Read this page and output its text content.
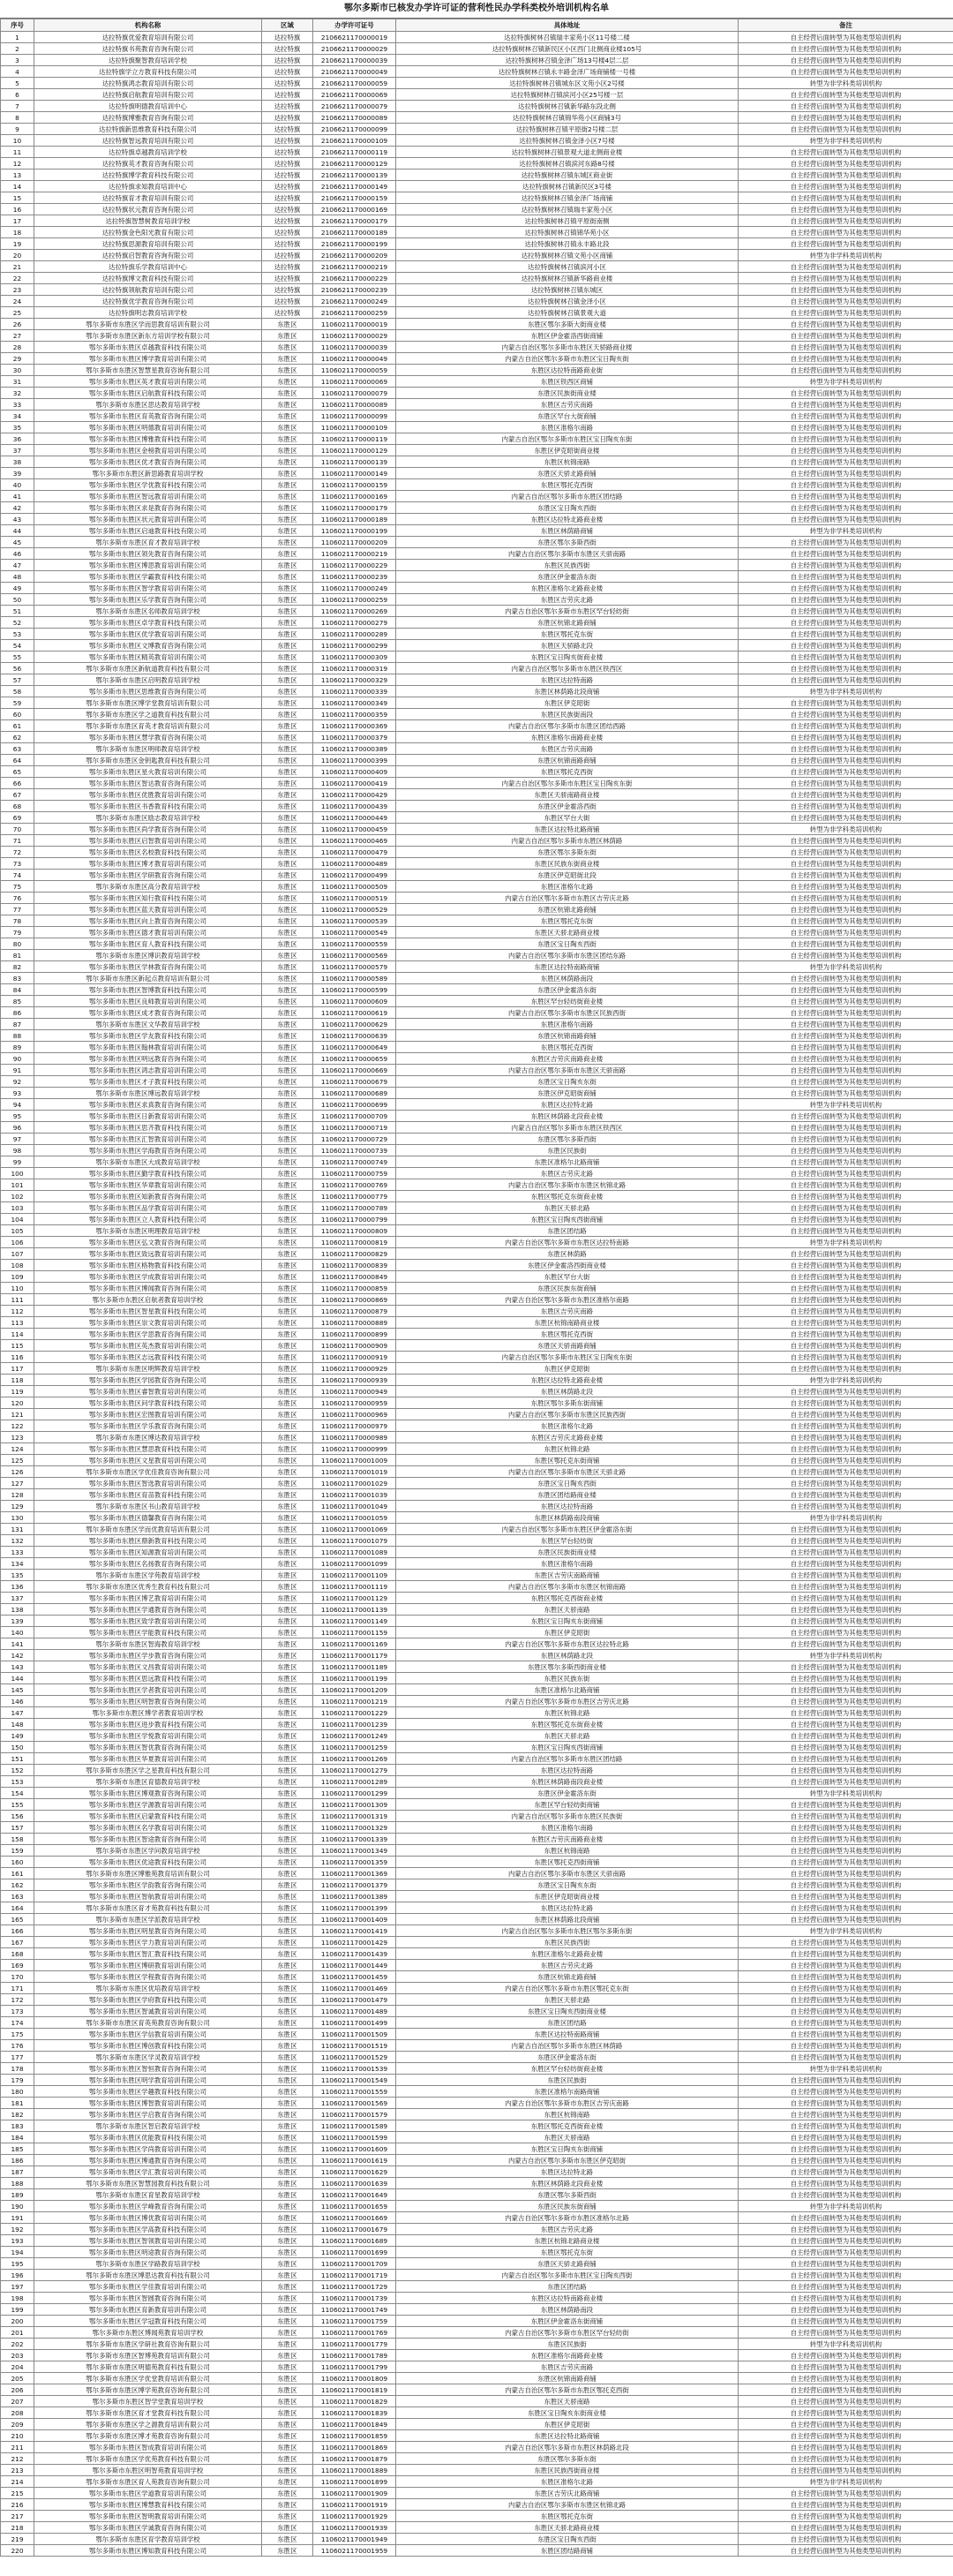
鄂尔多斯市已核发办学许可证的营利性民办学科类校外培训机构名单
序号	机构名称	区域	办学许可证号	具体地址	备注
1	达拉特旗优爱教育培训有限公司	达拉特旗	2106621170000019	达拉特旗树林召镇瑞丰家苑小区11号楼二楼	自主经营后面转型为其他类型培训机构
2	达拉特旗书苑教育咨询有限公司	达拉特旗	2106621170000029	达拉特旗树林召镇新民区小区西门北侧商业楼105号	自主经营后面转型为其他类型培训机构
3	达拉特旗聚智教育培训学校	达拉特旗	2106621170000039	达拉特旗树林召镇金泽广场13号楼4层二层	自主经营后面转型为其他类型培训机构
4	达拉特旗学立方教育科技有限公司	达拉特旗	2106621170000049	达拉特旗树林召镇永丰路金泽广场商铺楼一号楼	自主经营后面转型为其他类型培训机构
5	达拉特旗鸿志教育培训有限公司	达拉特旗	2106621170000059	达拉特旗树林召镇城东区文苑小区2号楼	转型为非学科类培训机构
6	达拉特旗启航教育培训有限公司	达拉特旗	2106621170000069	达拉特旗树林召镇滨河小区25号楼一层	自主经营后面转型为其他类型培训机构
7	达拉特旗明德教育培训中心	达拉特旗	2106621170000079	达拉特旗树林召镇新华路东段北侧	自主经营后面转型为其他类型培训机构
8	达拉特旗博雅教育咨询有限公司	达拉特旗	2106621170000089	达拉特旗树林召镇锦华苑小区商铺3号	自主经营后面转型为其他类型培训机构
9	达拉特旗新思维教育科技有限公司	达拉特旗	2106621170000099	达拉特旗树林召镇平原街2号楼二层	自主经营后面转型为其他类型培训机构
10	达拉特旗智远教育培训有限公司	达拉特旗	2106621170000109	达拉特旗树林召镇金泽小区7号楼	转型为非学科类培训机构
11	达拉特旗卓越教育培训学校	达拉特旗	2106621170000119	达拉特旗树林召镇景观大道北侧商业楼	自主经营后面转型为其他类型培训机构
12	达拉特旗英才教育咨询有限公司	达拉特旗	2106621170000129	达拉特旗树林召镇滨河东路8号楼	自主经营后面转型为其他类型培训机构
13	达拉特旗博学教育科技有限公司	达拉特旗	2106621170000139	达拉特旗树林召镇东城区商业街	自主经营后面转型为其他类型培训机构
14	达拉特旗求知教育培训中心	达拉特旗	2106621170000149	达拉特旗树林召镇新民区3号楼	自主经营后面转型为其他类型培训机构
15	达拉特旗育才教育培训有限公司	达拉特旗	2106621170000159	达拉特旗树林召镇金泽广场商铺	自主经营后面转型为其他类型培训机构
16	达拉特旗状元教育咨询有限公司	达拉特旗	2106621170000169	达拉特旗树林召镇瑞丰家苑小区	自主经营后面转型为其他类型培训机构
17	达拉特旗智慧树教育培训学校	达拉特旗	2106621170000179	达拉特旗树林召镇平原街南侧	自主经营后面转型为其他类型培训机构
18	达拉特旗金色阳光教育有限公司	达拉特旗	2106621170000189	达拉特旗树林召镇锦华苑小区	自主经营后面转型为其他类型培训机构
19	达拉特旗思源教育培训有限公司	达拉特旗	2106621170000199	达拉特旗树林召镇永丰路北段	自主经营后面转型为其他类型培训机构
20	达拉特旗启智教育咨询有限公司	达拉特旗	2106621170000209	达拉特旗树林召镇文苑小区商铺	转型为非学科类培训机构
21	达拉特旗乐学教育培训中心	达拉特旗	2106621170000219	达拉特旗树林召镇滨河小区	自主经营后面转型为其他类型培训机构
22	达拉特旗博文教育科技有限公司	达拉特旗	2106621170000229	达拉特旗树林召镇新华路商业楼	自主经营后面转型为其他类型培训机构
23	达拉特旗领航教育培训有限公司	达拉特旗	2106621170000239	达拉特旗树林召镇东城区	自主经营后面转型为其他类型培训机构
24	达拉特旗优学教育咨询有限公司	达拉特旗	2106621170000249	达拉特旗树林召镇金泽小区	自主经营后面转型为其他类型培训机构
25	达拉特旗明志教育培训学校	达拉特旗	2106621170000259	达拉特旗树林召镇景观大道	自主经营后面转型为其他类型培训机构
26	鄂尔多斯市东胜区学而思教育培训有限公司	东胜区	1106021170000019	东胜区鄂尔多斯大街商业楼	自主经营后面转型为其他类型培训机构
27	鄂尔多斯市东胜区新东方培训学校有限公司	东胜区	1106021170000029	东胜区伊金霍洛西街商铺	自主经营后面转型为其他类型培训机构
28	鄂尔多斯市东胜区卓越教育科技有限公司	东胜区	1106021170000039	内蒙古自治区鄂尔多斯市东胜区天骄路商业楼	自主经营后面转型为其他类型培训机构
29	鄂尔多斯市东胜区博学教育培训有限公司	东胜区	1106021170000049	内蒙古自治区鄂尔多斯市东胜区宝日陶亥街	自主经营后面转型为其他类型培训机构
30	鄂尔多斯市东胜区智慧星教育咨询有限公司	东胜区	1106021170000059	东胜区达拉特南路商业街	自主经营后面转型为其他类型培训机构
31	鄂尔多斯市东胜区英才教育培训有限公司	东胜区	1106021170000069	东胜区铁西区商铺	转型为非学科类培训机构
32	鄂尔多斯市东胜区启航教育科技有限公司	东胜区	1106021170000079	东胜区民族街商业楼	自主经营后面转型为其他类型培训机构
33	鄂尔多斯市东胜区思达教育培训学校	东胜区	1106021170000089	东胜区吉劳庆南路	自主经营后面转型为其他类型培训机构
34	鄂尔多斯市东胜区育英教育咨询有限公司	东胜区	1106021170000099	东胜区罕台大街商铺	自主经营后面转型为其他类型培训机构
35	鄂尔多斯市东胜区明德教育培训有限公司	东胜区	1106021170000109	东胜区准格尔南路	自主经营后面转型为其他类型培训机构
36	鄂尔多斯市东胜区博雅教育科技有限公司	东胜区	1106021170000119	内蒙古自治区鄂尔多斯市东胜区宝日陶亥东街	自主经营后面转型为其他类型培训机构
37	鄂尔多斯市东胜区金榜教育培训有限公司	东胜区	1106021170000129	东胜区伊克昭街商业楼	自主经营后面转型为其他类型培训机构
38	鄂尔多斯市东胜区优才教育咨询有限公司	东胜区	1106021170000139	东胜区杭锦南路	自主经营后面转型为其他类型培训机构
39	鄂尔多斯市东胜区新思路教育培训学校	东胜区	1106021170000149	东胜区天骄北路商铺	自主经营后面转型为其他类型培训机构
40	鄂尔多斯市东胜区学优教育科技有限公司	东胜区	1106021170000159	东胜区鄂托克西街	自主经营后面转型为其他类型培训机构
41	鄂尔多斯市东胜区智远教育培训有限公司	东胜区	1106021170000169	内蒙古自治区鄂尔多斯市东胜区团结路	自主经营后面转型为其他类型培训机构
42	鄂尔多斯市东胜区求是教育咨询有限公司	东胜区	1106021170000179	东胜区宝日陶亥西街	自主经营后面转型为其他类型培训机构
43	鄂尔多斯市东胜区状元教育培训有限公司	东胜区	1106021170000189	东胜区达拉特北路商业楼	自主经营后面转型为其他类型培训机构
44	鄂尔多斯市东胜区启迪教育科技有限公司	东胜区	1106021170000199	东胜区林荫路商铺	转型为非学科类培训机构
45	鄂尔多斯市东胜区育才教育培训学校	东胜区	1106021170000209	东胜区鄂尔多斯西街	自主经营后面转型为其他类型培训机构
46	鄂尔多斯市东胜区领先教育咨询有限公司	东胜区	1106021170000219	内蒙古自治区鄂尔多斯市东胜区天骄南路	自主经营后面转型为其他类型培训机构
47	鄂尔多斯市东胜区博思教育培训有限公司	东胜区	1106021170000229	东胜区民族西街	自主经营后面转型为其他类型培训机构
48	鄂尔多斯市东胜区学霸教育科技有限公司	东胜区	1106021170000239	东胜区伊金霍洛东街	自主经营后面转型为其他类型培训机构
49	鄂尔多斯市东胜区智学教育培训有限公司	东胜区	1106021170000249	东胜区准格尔北路商业楼	自主经营后面转型为其他类型培训机构
50	鄂尔多斯市东胜区乐学教育咨询有限公司	东胜区	1106021170000259	东胜区吉劳庆北路	自主经营后面转型为其他类型培训机构
51	鄂尔多斯市东胜区名师教育培训学校	东胜区	1106021170000269	内蒙古自治区鄂尔多斯市东胜区罕台轻纺街	自主经营后面转型为其他类型培训机构
52	鄂尔多斯市东胜区卓学教育科技有限公司	东胜区	1106021170000279	东胜区杭锦北路商铺	自主经营后面转型为其他类型培训机构
53	鄂尔多斯市东胜区优学教育培训有限公司	东胜区	1106021170000289	东胜区鄂托克东街	自主经营后面转型为其他类型培训机构
54	鄂尔多斯市东胜区文博教育咨询有限公司	东胜区	1106021170000299	东胜区天骄路北段	自主经营后面转型为其他类型培训机构
55	鄂尔多斯市东胜区精英教育培训有限公司	东胜区	1106021170000309	东胜区宝日陶亥街商业楼	自主经营后面转型为其他类型培训机构
56	鄂尔多斯市东胜区新航道教育科技有限公司	东胜区	1106021170000319	内蒙古自治区鄂尔多斯市东胜区铁西区	自主经营后面转型为其他类型培训机构
57	鄂尔多斯市东胜区启明教育培训学校	东胜区	1106021170000329	东胜区达拉特南路	自主经营后面转型为其他类型培训机构
58	鄂尔多斯市东胜区思维教育咨询有限公司	东胜区	1106021170000339	东胜区林荫路北段商铺	转型为非学科类培训机构
59	鄂尔多斯市东胜区博学堂教育培训有限公司	东胜区	1106021170000349	东胜区伊克昭街	自主经营后面转型为其他类型培训机构
60	鄂尔多斯市东胜区学之道教育科技有限公司	东胜区	1106021170000359	东胜区民族街南段	自主经营后面转型为其他类型培训机构
61	鄂尔多斯市东胜区育英才教育培训有限公司	东胜区	1106021170000369	内蒙古自治区鄂尔多斯市东胜区团结西路	自主经营后面转型为其他类型培训机构
62	鄂尔多斯市东胜区慧学教育咨询有限公司	东胜区	1106021170000379	东胜区准格尔南路商业楼	自主经营后面转型为其他类型培训机构
63	鄂尔多斯市东胜区明师教育培训学校	东胜区	1106021170000389	东胜区吉劳庆南路	自主经营后面转型为其他类型培训机构
64	鄂尔多斯市东胜区金钥匙教育科技有限公司	东胜区	1106021170000399	东胜区杭锦南路商铺	自主经营后面转型为其他类型培训机构
65	鄂尔多斯市东胜区星火教育培训有限公司	东胜区	1106021170000409	东胜区鄂托克西街	自主经营后面转型为其他类型培训机构
66	鄂尔多斯市东胜区智达教育咨询有限公司	东胜区	1106021170000419	内蒙古自治区鄂尔多斯市东胜区宝日陶亥东街	自主经营后面转型为其他类型培训机构
67	鄂尔多斯市东胜区优胜教育培训有限公司	东胜区	1106021170000429	东胜区天骄南路商业楼	自主经营后面转型为其他类型培训机构
68	鄂尔多斯市东胜区书香教育科技有限公司	东胜区	1106021170000439	东胜区伊金霍洛西街	自主经营后面转型为其他类型培训机构
69	鄂尔多斯市东胜区励志教育培训学校	东胜区	1106021170000449	东胜区罕台大街	自主经营后面转型为其他类型培训机构
70	鄂尔多斯市东胜区尚学教育咨询有限公司	东胜区	1106021170000459	东胜区达拉特北路商铺	转型为非学科类培训机构
71	鄂尔多斯市东胜区启智教育培训有限公司	东胜区	1106021170000469	内蒙古自治区鄂尔多斯市东胜区林荫路	自主经营后面转型为其他类型培训机构
72	鄂尔多斯市东胜区名校教育科技有限公司	东胜区	1106021170000479	东胜区鄂尔多斯东街	自主经营后面转型为其他类型培训机构
73	鄂尔多斯市东胜区博才教育培训有限公司	东胜区	1106021170000489	东胜区民族东街商业楼	自主经营后面转型为其他类型培训机构
74	鄂尔多斯市东胜区学研教育咨询有限公司	东胜区	1106021170000499	东胜区伊克昭街北段	自主经营后面转型为其他类型培训机构
75	鄂尔多斯市东胜区高分教育培训学校	东胜区	1106021170000509	东胜区准格尔北路	自主经营后面转型为其他类型培训机构
76	鄂尔多斯市东胜区知行教育科技有限公司	东胜区	1106021170000519	内蒙古自治区鄂尔多斯市东胜区吉劳庆北路	自主经营后面转型为其他类型培训机构
77	鄂尔多斯市东胜区蓝天教育培训有限公司	东胜区	1106021170000529	东胜区杭锦北路商铺	自主经营后面转型为其他类型培训机构
78	鄂尔多斯市东胜区向上教育咨询有限公司	东胜区	1106021170000539	东胜区鄂托克东街	自主经营后面转型为其他类型培训机构
79	鄂尔多斯市东胜区德才教育培训有限公司	东胜区	1106021170000549	东胜区天骄北路商业楼	自主经营后面转型为其他类型培训机构
80	鄂尔多斯市东胜区育人教育科技有限公司	东胜区	1106021170000559	东胜区宝日陶亥西街	自主经营后面转型为其他类型培训机构
81	鄂尔多斯市东胜区博识教育培训学校	东胜区	1106021170000569	内蒙古自治区鄂尔多斯市东胜区团结东路	自主经营后面转型为其他类型培训机构
82	鄂尔多斯市东胜区学林教育咨询有限公司	东胜区	1106021170000579	东胜区达拉特南路商铺	转型为非学科类培训机构
83	鄂尔多斯市东胜区新起点教育培训有限公司	东胜区	1106021170000589	东胜区林荫路南段	自主经营后面转型为其他类型培训机构
84	鄂尔多斯市东胜区智博教育科技有限公司	东胜区	1106021170000599	东胜区伊金霍洛东街	自主经营后面转型为其他类型培训机构
85	鄂尔多斯市东胜区良师教育培训有限公司	东胜区	1106021170000609	东胜区罕台轻纺街商业楼	自主经营后面转型为其他类型培训机构
86	鄂尔多斯市东胜区成才教育咨询有限公司	东胜区	1106021170000619	内蒙古自治区鄂尔多斯市东胜区民族西街	自主经营后面转型为其他类型培训机构
87	鄂尔多斯市东胜区文华教育培训学校	东胜区	1106021170000629	东胜区准格尔南路	自主经营后面转型为其他类型培训机构
88	鄂尔多斯市东胜区学友教育科技有限公司	东胜区	1106021170000639	东胜区杭锦南路商铺	自主经营后面转型为其他类型培训机构
89	鄂尔多斯市东胜区翰林教育培训有限公司	东胜区	1106021170000649	东胜区鄂托克西街	自主经营后面转型为其他类型培训机构
90	鄂尔多斯市东胜区明远教育咨询有限公司	东胜区	1106021170000659	东胜区吉劳庆南路商业楼	自主经营后面转型为其他类型培训机构
91	鄂尔多斯市东胜区鸿志教育培训有限公司	东胜区	1106021170000669	内蒙古自治区鄂尔多斯市东胜区天骄南路	自主经营后面转型为其他类型培训机构
92	鄂尔多斯市东胜区才子教育科技有限公司	东胜区	1106021170000679	东胜区宝日陶亥东街	自主经营后面转型为其他类型培训机构
93	鄂尔多斯市东胜区博远教育培训学校	东胜区	1106021170000689	东胜区伊克昭街商铺	自主经营后面转型为其他类型培训机构
94	鄂尔多斯市东胜区求真教育咨询有限公司	东胜区	1106021170000699	东胜区达拉特北路	转型为非学科类培训机构
95	鄂尔多斯市东胜区日新教育培训有限公司	东胜区	1106021170000709	东胜区林荫路北段商业楼	自主经营后面转型为其他类型培训机构
96	鄂尔多斯市东胜区思齐教育科技有限公司	东胜区	1106021170000719	内蒙古自治区鄂尔多斯市东胜区铁西区	自主经营后面转型为其他类型培训机构
97	鄂尔多斯市东胜区汇智教育培训有限公司	东胜区	1106021170000729	东胜区鄂尔多斯西街	自主经营后面转型为其他类型培训机构
98	鄂尔多斯市东胜区学海教育咨询有限公司	东胜区	1106021170000739	东胜区民族街	自主经营后面转型为其他类型培训机构
99	鄂尔多斯市东胜区大成教育培训学校	东胜区	1106021170000749	东胜区准格尔北路商铺	自主经营后面转型为其他类型培训机构
100	鄂尔多斯市东胜区勤学教育科技有限公司	东胜区	1106021170000759	东胜区吉劳庆北路	自主经营后面转型为其他类型培训机构
101	鄂尔多斯市东胜区华章教育培训有限公司	东胜区	1106021170000769	内蒙古自治区鄂尔多斯市东胜区杭锦北路	自主经营后面转型为其他类型培训机构
102	鄂尔多斯市东胜区知新教育咨询有限公司	东胜区	1106021170000779	东胜区鄂托克东街商业楼	自主经营后面转型为其他类型培训机构
103	鄂尔多斯市东胜区品学教育培训有限公司	东胜区	1106021170000789	东胜区天骄北路	自主经营后面转型为其他类型培训机构
104	鄂尔多斯市东胜区立人教育科技有限公司	东胜区	1106021170000799	东胜区宝日陶亥西街商铺	自主经营后面转型为其他类型培训机构
105	鄂尔多斯市东胜区明理教育培训学校	东胜区	1106021170000809	东胜区团结路	自主经营后面转型为其他类型培训机构
106	鄂尔多斯市东胜区弘文教育咨询有限公司	东胜区	1106021170000819	内蒙古自治区鄂尔多斯市东胜区达拉特南路	转型为非学科类培训机构
107	鄂尔多斯市东胜区致远教育培训有限公司	东胜区	1106021170000829	东胜区林荫路	自主经营后面转型为其他类型培训机构
108	鄂尔多斯市东胜区格物教育科技有限公司	东胜区	1106021170000839	东胜区伊金霍洛西街商业楼	自主经营后面转型为其他类型培训机构
109	鄂尔多斯市东胜区学成教育培训有限公司	东胜区	1106021170000849	东胜区罕台大街	自主经营后面转型为其他类型培训机构
110	鄂尔多斯市东胜区博闻教育咨询有限公司	东胜区	1106021170000859	东胜区民族东街商铺	自主经营后面转型为其他类型培训机构
111	鄂尔多斯市东胜区启航者教育培训学校	东胜区	1106021170000869	内蒙古自治区鄂尔多斯市东胜区准格尔南路	自主经营后面转型为其他类型培训机构
112	鄂尔多斯市东胜区智星教育科技有限公司	东胜区	1106021170000879	东胜区吉劳庆南路	自主经营后面转型为其他类型培训机构
113	鄂尔多斯市东胜区崇文教育培训有限公司	东胜区	1106021170000889	东胜区杭锦南路商业楼	自主经营后面转型为其他类型培训机构
114	鄂尔多斯市东胜区学思教育咨询有限公司	东胜区	1106021170000899	东胜区鄂托克西街	自主经营后面转型为其他类型培训机构
115	鄂尔多斯市东胜区英杰教育培训有限公司	东胜区	1106021170000909	东胜区天骄南路商铺	自主经营后面转型为其他类型培训机构
116	鄂尔多斯市东胜区志远教育科技有限公司	东胜区	1106021170000919	内蒙古自治区鄂尔多斯市东胜区宝日陶亥东街	自主经营后面转型为其他类型培训机构
117	鄂尔多斯市东胜区明辉教育培训学校	东胜区	1106021170000929	东胜区伊克昭街	自主经营后面转型为其他类型培训机构
118	鄂尔多斯市东胜区学园教育咨询有限公司	东胜区	1106021170000939	东胜区达拉特北路商业楼	转型为非学科类培训机构
119	鄂尔多斯市东胜区睿智教育培训有限公司	东胜区	1106021170000949	东胜区林荫路北段	自主经营后面转型为其他类型培训机构
120	鄂尔多斯市东胜区问学教育科技有限公司	东胜区	1106021170000959	东胜区鄂尔多斯东街商铺	自主经营后面转型为其他类型培训机构
121	鄂尔多斯市东胜区宏图教育培训有限公司	东胜区	1106021170000969	内蒙古自治区鄂尔多斯市东胜区民族西街	自主经营后面转型为其他类型培训机构
122	鄂尔多斯市东胜区学乐教育咨询有限公司	东胜区	1106021170000979	东胜区准格尔北路	自主经营后面转型为其他类型培训机构
123	鄂尔多斯市东胜区博达教育培训学校	东胜区	1106021170000989	东胜区吉劳庆北路商业楼	自主经营后面转型为其他类型培训机构
124	鄂尔多斯市东胜区慧思教育科技有限公司	东胜区	1106021170000999	东胜区杭锦北路	自主经营后面转型为其他类型培训机构
125	鄂尔多斯市东胜区文星教育培训有限公司	东胜区	1106021170001009	东胜区鄂托克东街商铺	自主经营后面转型为其他类型培训机构
126	鄂尔多斯市东胜区学优佳教育咨询有限公司	东胜区	1106021170001019	内蒙古自治区鄂尔多斯市东胜区天骄北路	自主经营后面转型为其他类型培训机构
127	鄂尔多斯市东胜区智选教育培训有限公司	东胜区	1106021170001029	东胜区宝日陶亥西街	自主经营后面转型为其他类型培训机构
128	鄂尔多斯市东胜区育苗教育科技有限公司	东胜区	1106021170001039	东胜区团结路商业楼	自主经营后面转型为其他类型培训机构
129	鄂尔多斯市东胜区书山教育培训学校	东胜区	1106021170001049	东胜区达拉特南路	自主经营后面转型为其他类型培训机构
130	鄂尔多斯市东胜区德馨教育咨询有限公司	东胜区	1106021170001059	东胜区林荫路南段商铺	转型为非学科类培训机构
131	鄂尔多斯市东胜区学而优教育培训有限公司	东胜区	1106021170001069	内蒙古自治区鄂尔多斯市东胜区伊金霍洛东街	自主经营后面转型为其他类型培训机构
132	鄂尔多斯市东胜区鼎新教育科技有限公司	东胜区	1106021170001079	东胜区罕台轻纺街	自主经营后面转型为其他类型培训机构
133	鄂尔多斯市东胜区知源教育培训有限公司	东胜区	1106021170001089	东胜区民族街商业楼	自主经营后面转型为其他类型培训机构
134	鄂尔多斯市东胜区名扬教育咨询有限公司	东胜区	1106021170001099	东胜区准格尔南路	自主经营后面转型为其他类型培训机构
135	鄂尔多斯市东胜区学苑教育培训学校	东胜区	1106021170001109	东胜区吉劳庆南路商铺	自主经营后面转型为其他类型培训机构
136	鄂尔多斯市东胜区优秀生教育科技有限公司	东胜区	1106021170001119	内蒙古自治区鄂尔多斯市东胜区杭锦南路	自主经营后面转型为其他类型培训机构
137	鄂尔多斯市东胜区博艺教育培训有限公司	东胜区	1106021170001129	东胜区鄂托克西街商业楼	自主经营后面转型为其他类型培训机构
138	鄂尔多斯市东胜区学通教育咨询有限公司	东胜区	1106021170001139	东胜区天骄南路	自主经营后面转型为其他类型培训机构
139	鄂尔多斯市东胜区致学教育培训有限公司	东胜区	1106021170001149	东胜区宝日陶亥东街商铺	自主经营后面转型为其他类型培训机构
140	鄂尔多斯市东胜区学能教育科技有限公司	东胜区	1106021170001159	东胜区伊克昭街	自主经营后面转型为其他类型培训机构
141	鄂尔多斯市东胜区智海教育培训学校	东胜区	1106021170001169	内蒙古自治区鄂尔多斯市东胜区达拉特北路	自主经营后面转型为其他类型培训机构
142	鄂尔多斯市东胜区学步教育咨询有限公司	东胜区	1106021170001179	东胜区林荫路北段	转型为非学科类培训机构
143	鄂尔多斯市东胜区文昌教育培训有限公司	东胜区	1106021170001189	东胜区鄂尔多斯西街商业楼	自主经营后面转型为其他类型培训机构
144	鄂尔多斯市东胜区思远教育科技有限公司	东胜区	1106021170001199	东胜区民族东街	自主经营后面转型为其他类型培训机构
145	鄂尔多斯市东胜区学者教育培训有限公司	东胜区	1106021170001209	东胜区准格尔北路商铺	自主经营后面转型为其他类型培训机构
146	鄂尔多斯市东胜区明智教育咨询有限公司	东胜区	1106021170001219	内蒙古自治区鄂尔多斯市东胜区吉劳庆北路	自主经营后面转型为其他类型培训机构
147	鄂尔多斯市东胜区博学者教育培训学校	东胜区	1106021170001229	东胜区杭锦北路	自主经营后面转型为其他类型培训机构
148	鄂尔多斯市东胜区进步教育科技有限公司	东胜区	1106021170001239	东胜区鄂托克东街商业楼	自主经营后面转型为其他类型培训机构
149	鄂尔多斯市东胜区学悦教育培训有限公司	东胜区	1106021170001249	东胜区天骄北路	自主经营后面转型为其他类型培训机构
150	鄂尔多斯市东胜区智优教育咨询有限公司	东胜区	1106021170001259	东胜区宝日陶亥西街商铺	自主经营后面转型为其他类型培训机构
151	鄂尔多斯市东胜区华夏教育培训有限公司	东胜区	1106021170001269	内蒙古自治区鄂尔多斯市东胜区团结路	自主经营后面转型为其他类型培训机构
152	鄂尔多斯市东胜区学之星教育科技有限公司	东胜区	1106021170001279	东胜区达拉特南路	自主经营后面转型为其他类型培训机构
153	鄂尔多斯市东胜区育德教育培训学校	东胜区	1106021170001289	东胜区林荫路南段商业楼	自主经营后面转型为其他类型培训机构
154	鄂尔多斯市东胜区博观教育咨询有限公司	东胜区	1106021170001299	东胜区伊金霍洛东街	转型为非学科类培训机构
155	鄂尔多斯市东胜区学源教育培训有限公司	东胜区	1106021170001309	东胜区罕台轻纺街商铺	自主经营后面转型为其他类型培训机构
156	鄂尔多斯市东胜区启蒙教育科技有限公司	东胜区	1106021170001319	内蒙古自治区鄂尔多斯市东胜区民族街	自主经营后面转型为其他类型培训机构
157	鄂尔多斯市东胜区名学教育培训有限公司	东胜区	1106021170001329	东胜区准格尔南路	自主经营后面转型为其他类型培训机构
158	鄂尔多斯市东胜区智途教育咨询有限公司	东胜区	1106021170001339	东胜区吉劳庆南路商业楼	自主经营后面转型为其他类型培训机构
159	鄂尔多斯市东胜区学问教育培训学校	东胜区	1106021170001349	东胜区杭锦南路	自主经营后面转型为其他类型培训机构
160	鄂尔多斯市东胜区优途教育科技有限公司	东胜区	1106021170001359	东胜区鄂托克西街商铺	自主经营后面转型为其他类型培训机构
161	鄂尔多斯市东胜区博雅苑教育培训有限公司	东胜区	1106021170001369	内蒙古自治区鄂尔多斯市东胜区天骄南路	自主经营后面转型为其他类型培训机构
162	鄂尔多斯市东胜区学韵教育咨询有限公司	东胜区	1106021170001379	东胜区宝日陶亥东街	自主经营后面转型为其他类型培训机构
163	鄂尔多斯市东胜区智航教育培训有限公司	东胜区	1106021170001389	东胜区伊克昭街商业楼	自主经营后面转型为其他类型培训机构
164	鄂尔多斯市东胜区育才苑教育科技有限公司	东胜区	1106021170001399	东胜区达拉特北路	自主经营后面转型为其他类型培训机构
165	鄂尔多斯市东胜区学派教育培训学校	东胜区	1106021170001409	东胜区林荫路北段商铺	自主经营后面转型为其他类型培训机构
166	鄂尔多斯市东胜区明星教育咨询有限公司	东胜区	1106021170001419	内蒙古自治区鄂尔多斯市东胜区鄂尔多斯东街	转型为非学科类培训机构
167	鄂尔多斯市东胜区学力教育培训有限公司	东胜区	1106021170001429	东胜区民族西街	自主经营后面转型为其他类型培训机构
168	鄂尔多斯市东胜区智汇教育科技有限公司	东胜区	1106021170001439	东胜区准格尔北路商业楼	自主经营后面转型为其他类型培训机构
169	鄂尔多斯市东胜区博研教育培训有限公司	东胜区	1106021170001449	东胜区吉劳庆北路	自主经营后面转型为其他类型培训机构
170	鄂尔多斯市东胜区学程教育咨询有限公司	东胜区	1106021170001459	东胜区杭锦北路商铺	自主经营后面转型为其他类型培训机构
171	鄂尔多斯市东胜区优培教育培训学校	东胜区	1106021170001469	内蒙古自治区鄂尔多斯市东胜区鄂托克东街	自主经营后面转型为其他类型培训机构
172	鄂尔多斯市东胜区学府教育科技有限公司	东胜区	1106021170001479	东胜区天骄北路	自主经营后面转型为其他类型培训机构
173	鄂尔多斯市东胜区智诚教育培训有限公司	东胜区	1106021170001489	东胜区宝日陶亥西街商业楼	自主经营后面转型为其他类型培训机构
174	鄂尔多斯市东胜区育英苑教育咨询有限公司	东胜区	1106021170001499	东胜区团结路	自主经营后面转型为其他类型培训机构
175	鄂尔多斯市东胜区学信教育培训有限公司	东胜区	1106021170001509	东胜区达拉特南路商铺	自主经营后面转型为其他类型培训机构
176	鄂尔多斯市东胜区博创教育科技有限公司	东胜区	1106021170001519	内蒙古自治区鄂尔多斯市东胜区林荫路	自主经营后面转型为其他类型培训机构
177	鄂尔多斯市东胜区学灵教育培训学校	东胜区	1106021170001529	东胜区伊金霍洛东街	自主经营后面转型为其他类型培训机构
178	鄂尔多斯市东胜区智恒教育咨询有限公司	东胜区	1106021170001539	东胜区罕台轻纺街商业楼	转型为非学科类培训机构
179	鄂尔多斯市东胜区明学教育培训有限公司	东胜区	1106021170001549	东胜区民族街	自主经营后面转型为其他类型培训机构
180	鄂尔多斯市东胜区学趣教育科技有限公司	东胜区	1106021170001559	东胜区准格尔南路商铺	自主经营后面转型为其他类型培训机构
181	鄂尔多斯市东胜区博智教育培训有限公司	东胜区	1106021170001569	内蒙古自治区鄂尔多斯市东胜区吉劳庆南路	自主经营后面转型为其他类型培训机构
182	鄂尔多斯市东胜区学启教育咨询有限公司	东胜区	1106021170001579	东胜区杭锦南路	自主经营后面转型为其他类型培训机构
183	鄂尔多斯市东胜区智启教育培训学校	东胜区	1106021170001589	东胜区鄂托克西街商业楼	自主经营后面转型为其他类型培训机构
184	鄂尔多斯市东胜区优能教育科技有限公司	东胜区	1106021170001599	东胜区天骄南路	自主经营后面转型为其他类型培训机构
185	鄂尔多斯市东胜区学尚教育培训有限公司	东胜区	1106021170001609	东胜区宝日陶亥东街商铺	自主经营后面转型为其他类型培训机构
186	鄂尔多斯市东胜区博通教育咨询有限公司	东胜区	1106021170001619	内蒙古自治区鄂尔多斯市东胜区伊克昭街	自主经营后面转型为其他类型培训机构
187	鄂尔多斯市东胜区学汇教育培训有限公司	东胜区	1106021170001629	东胜区达拉特北路	自主经营后面转型为其他类型培训机构
188	鄂尔多斯市东胜区智慧园教育科技有限公司	东胜区	1106021170001639	东胜区林荫路北段商业楼	自主经营后面转型为其他类型培训机构
189	鄂尔多斯市东胜区育星教育培训学校	东胜区	1106021170001649	东胜区鄂尔多斯西街	自主经营后面转型为其他类型培训机构
190	鄂尔多斯市东胜区学峰教育咨询有限公司	东胜区	1106021170001659	东胜区民族东街商铺	转型为非学科类培训机构
191	鄂尔多斯市东胜区博优教育培训有限公司	东胜区	1106021170001669	内蒙古自治区鄂尔多斯市东胜区准格尔北路	自主经营后面转型为其他类型培训机构
192	鄂尔多斯市东胜区学高教育科技有限公司	东胜区	1106021170001679	东胜区吉劳庆北路	自主经营后面转型为其他类型培训机构
193	鄂尔多斯市东胜区智领教育培训有限公司	东胜区	1106021170001689	东胜区杭锦北路商业楼	自主经营后面转型为其他类型培训机构
194	鄂尔多斯市东胜区明途教育咨询有限公司	东胜区	1106021170001699	东胜区鄂托克东街	自主经营后面转型为其他类型培训机构
195	鄂尔多斯市东胜区学路教育培训学校	东胜区	1106021170001709	东胜区天骄北路商铺	自主经营后面转型为其他类型培训机构
196	鄂尔多斯市东胜区博思达教育科技有限公司	东胜区	1106021170001719	内蒙古自治区鄂尔多斯市东胜区宝日陶亥西街	自主经营后面转型为其他类型培训机构
197	鄂尔多斯市东胜区学佳教育培训有限公司	东胜区	1106021170001729	东胜区团结路	自主经营后面转型为其他类型培训机构
198	鄂尔多斯市东胜区智圆教育咨询有限公司	东胜区	1106021170001739	东胜区达拉特南路商业楼	自主经营后面转型为其他类型培训机构
199	鄂尔多斯市东胜区育新教育培训有限公司	东胜区	1106021170001749	东胜区林荫路南段	自主经营后面转型为其他类型培训机构
200	鄂尔多斯市东胜区学冠教育科技有限公司	东胜区	1106021170001759	东胜区伊金霍洛东街商铺	自主经营后面转型为其他类型培训机构
201	鄂尔多斯市东胜区博闻苑教育培训学校	东胜区	1106021170001769	内蒙古自治区鄂尔多斯市东胜区罕台轻纺街	自主经营后面转型为其他类型培训机构
202	鄂尔多斯市东胜区学研社教育咨询有限公司	东胜区	1106021170001779	东胜区民族街	转型为非学科类培训机构
203	鄂尔多斯市东胜区智博苑教育培训有限公司	东胜区	1106021170001789	东胜区准格尔南路商业楼	自主经营后面转型为其他类型培训机构
204	鄂尔多斯市东胜区明德苑教育科技有限公司	东胜区	1106021170001799	东胜区吉劳庆南路	自主经营后面转型为其他类型培训机构
205	鄂尔多斯市东胜区学优堂教育培训有限公司	东胜区	1106021170001809	东胜区杭锦南路商铺	自主经营后面转型为其他类型培训机构
206	鄂尔多斯市东胜区博学苑教育咨询有限公司	东胜区	1106021170001819	内蒙古自治区鄂尔多斯市东胜区鄂托克西街	自主经营后面转型为其他类型培训机构
207	鄂尔多斯市东胜区智学堂教育培训学校	东胜区	1106021170001829	东胜区天骄南路	自主经营后面转型为其他类型培训机构
208	鄂尔多斯市东胜区育才堂教育科技有限公司	东胜区	1106021170001839	东胜区宝日陶亥东街商业楼	自主经营后面转型为其他类型培训机构
209	鄂尔多斯市东胜区学之源教育培训有限公司	东胜区	1106021170001849	东胜区伊克昭街	自主经营后面转型为其他类型培训机构
210	鄂尔多斯市东胜区博才苑教育咨询有限公司	东胜区	1106021170001859	东胜区达拉特北路商铺	自主经营后面转型为其他类型培训机构
211	鄂尔多斯市东胜区智成教育培训有限公司	东胜区	1106021170001869	内蒙古自治区鄂尔多斯市东胜区林荫路北段	自主经营后面转型为其他类型培训机构
212	鄂尔多斯市东胜区学优苑教育科技有限公司	东胜区	1106021170001879	东胜区鄂尔多斯东街	自主经营后面转型为其他类型培训机构
213	鄂尔多斯市东胜区明智苑教育培训学校	东胜区	1106021170001889	东胜区民族西街商业楼	自主经营后面转型为其他类型培训机构
214	鄂尔多斯市东胜区育人苑教育咨询有限公司	东胜区	1106021170001899	东胜区准格尔北路	转型为非学科类培训机构
215	鄂尔多斯市东胜区学道教育培训有限公司	东胜区	1106021170001909	东胜区吉劳庆北路商铺	自主经营后面转型为其他类型培训机构
216	鄂尔多斯市东胜区博慧教育科技有限公司	东胜区	1106021170001919	内蒙古自治区鄂尔多斯市东胜区杭锦北路	自主经营后面转型为其他类型培训机构
217	鄂尔多斯市东胜区智明教育培训有限公司	东胜区	1106021170001929	东胜区鄂托克东街	自主经营后面转型为其他类型培训机构
218	鄂尔多斯市东胜区学诚教育咨询有限公司	东胜区	1106021170001939	东胜区天骄北路商业楼	自主经营后面转型为其他类型培训机构
219	鄂尔多斯市东胜区育学教育培训学校	东胜区	1106021170001949	东胜区宝日陶亥西街	自主经营后面转型为其他类型培训机构
220	鄂尔多斯市东胜区博知教育科技有限公司	东胜区	1106021170001959	东胜区团结路商铺	自主经营后面转型为其他类型培训机构
